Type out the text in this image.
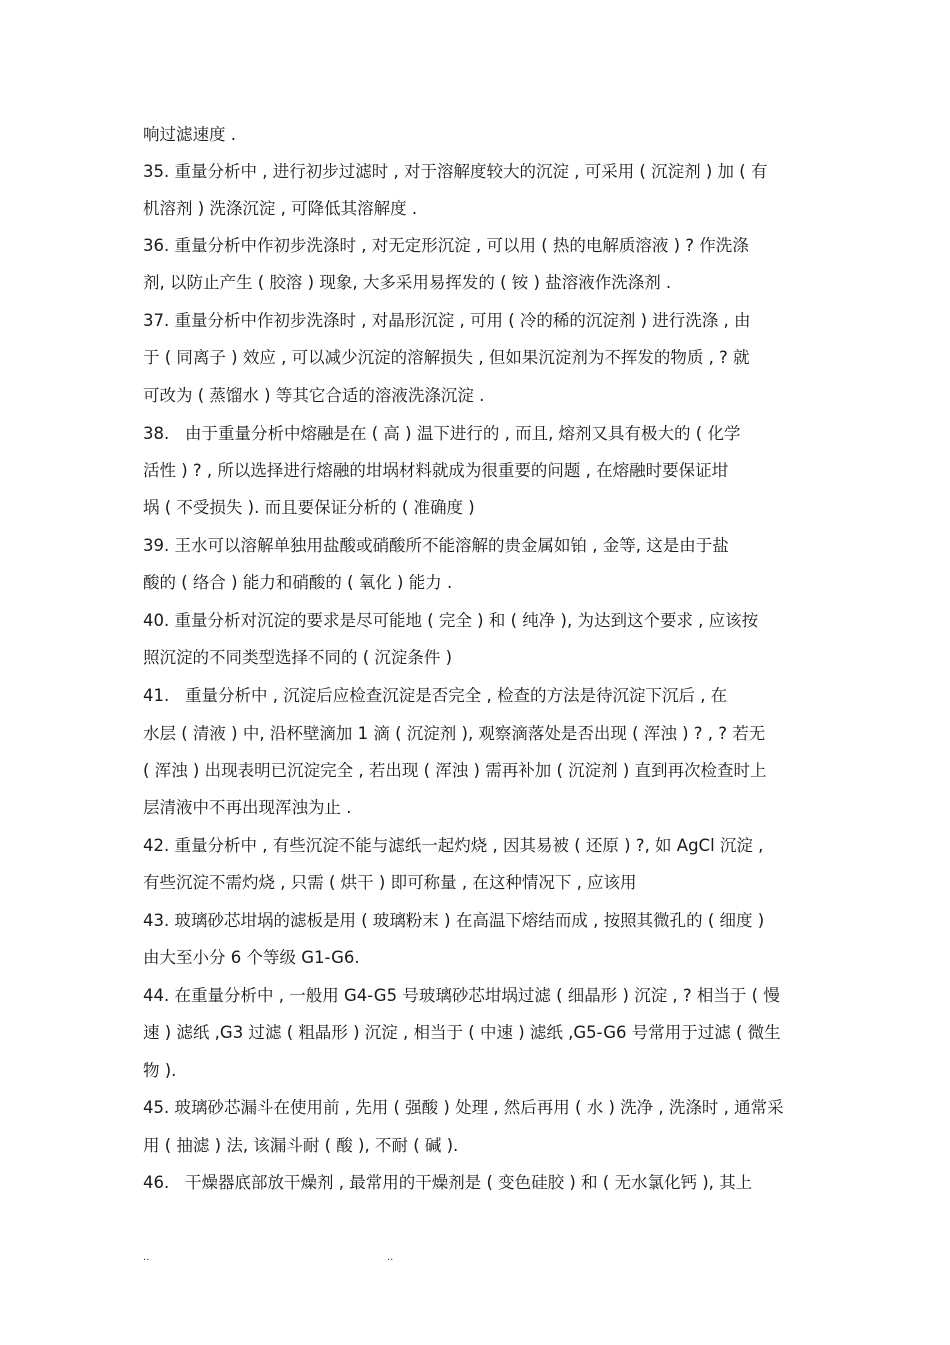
响过滤速度 .
35. 重量分析中 , 进行初步过滤时 , 对于溶解度较大的沉淀 , 可采用 ( 沉淀剂 ) 加 ( 有
机溶剂 ) 洗涤沉淀 , 可降低其溶解度 .
36. 重量分析中作初步洗涤时 , 对无定形沉淀 , 可以用 ( 热的电解质溶液 ) ? 作洗涤
剂, 以防止产生 ( 胶溶 ) 现象, 大多采用易挥发的 ( 铵 ) 盐溶液作洗涤剂 .
37. 重量分析中作初步洗涤时 , 对晶形沉淀 , 可用 ( 冷的稀的沉淀剂 ) 进行洗涤 , 由
于 ( 同离子 ) 效应 , 可以减少沉淀的溶解损失 , 但如果沉淀剂为不挥发的物质 , ? 就
可改为 ( 蒸馏水 ) 等其它合适的溶液洗涤沉淀 .
38.   由于重量分析中熔融是在 ( 高 ) 温下进行的 , 而且, 熔剂又具有极大的 ( 化学
活性 ) ? , 所以选择进行熔融的坩埚材料就成为很重要的问题 , 在熔融时要保证坩
埚 ( 不受损失 ). 而且要保证分析的 ( 准确度 )
39. 王水可以溶解单独用盐酸或硝酸所不能溶解的贵金属如铂 , 金等, 这是由于盐
酸的 ( 络合 ) 能力和硝酸的 ( 氧化 ) 能力 .
40. 重量分析对沉淀的要求是尽可能地 ( 完全 ) 和 ( 纯净 ), 为达到这个要求 , 应该按
照沉淀的不同类型选择不同的 ( 沉淀条件 )
41.   重量分析中 , 沉淀后应检查沉淀是否完全 , 检查的方法是待沉淀下沉后 , 在
水层 ( 清液 ) 中, 沿杯壁滴加 1 滴 ( 沉淀剂 ), 观察滴落处是否出现 ( 浑浊 ) ? , ? 若无
( 浑浊 ) 出现表明已沉淀完全 , 若出现 ( 浑浊 ) 需再补加 ( 沉淀剂 ) 直到再次检查时上
层清液中不再出现浑浊为止 .
42. 重量分析中 , 有些沉淀不能与滤纸一起灼烧 , 因其易被 ( 还原 ) ?, 如 AgCl 沉淀 ,
有些沉淀不需灼烧 , 只需 ( 烘干 ) 即可称量 , 在这种情况下 , 应该用
43. 玻璃砂芯坩埚的滤板是用 ( 玻璃粉末 ) 在高温下熔结而成 , 按照其微孔的 ( 细度 )
由大至小分 6 个等级 G1-G6.
44. 在重量分析中 , 一般用 G4-G5 号玻璃砂芯坩埚过滤 ( 细晶形 ) 沉淀 , ? 相当于 ( 慢
速 ) 滤纸 ,G3 过滤 ( 粗晶形 ) 沉淀 , 相当于 ( 中速 ) 滤纸 ,G5-G6 号常用于过滤 ( 微生
物 ).
45. 玻璃砂芯漏斗在使用前 , 先用 ( 强酸 ) 处理 , 然后再用 ( 水 ) 洗净 , 洗涤时 , 通常采
用 ( 抽滤 ) 法, 该漏斗耐 ( 酸 ), 不耐 ( 碱 ).
46.   干燥器底部放干燥剂 , 最常用的干燥剂是 ( 变色硅胶 ) 和 ( 无水氯化钙 ), 其上
..	..
